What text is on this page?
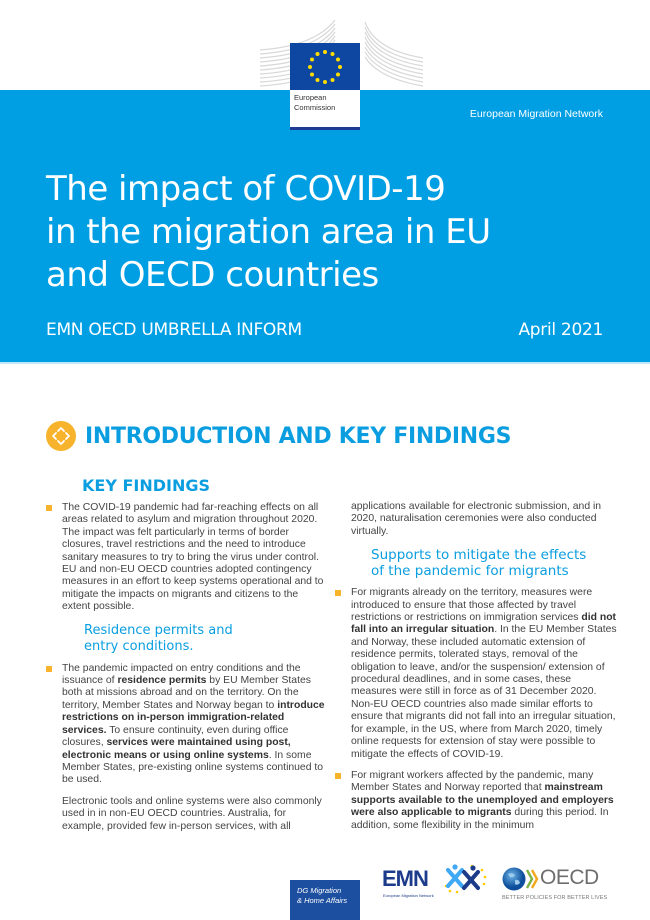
European
Commission
European Migration Network
The impact of COVID-19
in the migration area in EU
and OECD countries
EMN OECD UMBRELLA INFORM	April 2021
INTRODUCTION AND KEY FINDINGS
KEY FINDINGS

The COVID-19 pandemic had far-reaching effects on all areas related to asylum and migration throughout 2020. The impact was felt particularly in terms of border closures, travel restrictions and the need to introduce sanitary measures to try to bring the virus under control. EU and non-EU OECD countries adopted contingency measures in an effort to keep systems operational and to mitigate the impacts on migrants and citizens to the extent possible.

Residence permits and
entry conditions.

The pandemic impacted on entry conditions and the issuance of residence permits by EU Member States both at missions abroad and on the territory. On the territory, Member States and Norway began to introduce restrictions on in-person immigration-related services. To ensure continuity, even during office closures, services were maintained using post, electronic means or using online systems. In some Member States, pre-existing online systems continued to be used.

Electronic tools and online systems were also commonly used in in non-EU OECD countries. Australia, for example, provided few in-person services, with all

applications available for electronic submission, and in 2020, naturalisation ceremonies were also conducted virtually.

Supports to mitigate the effects
of the pandemic for migrants

For migrants already on the territory, measures were introduced to ensure that those affected by travel restrictions or restrictions on immigration services did not fall into an irregular situation. In the EU Member States and Norway, these included automatic extension of residence permits, tolerated stays, removal of the obligation to leave, and/or the suspension/ extension of procedural deadlines, and in some cases, these measures were still in force as of 31 December 2020. Non-EU OECD countries also made similar efforts to ensure that migrants did not fall into an irregular situation, for example, in the US, where from March 2020, timely online requests for extension of stay were possible to mitigate the effects of COVID-19.

For migrant workers affected by the pandemic, many Member States and Norway reported that mainstream supports available to the unemployed and employers were also applicable to migrants during this period. In addition, some flexibility in the minimum

DG Migration
& Home Affairs
EMN
European Migration Network
OECD
BETTER POLICIES FOR BETTER LIVES
